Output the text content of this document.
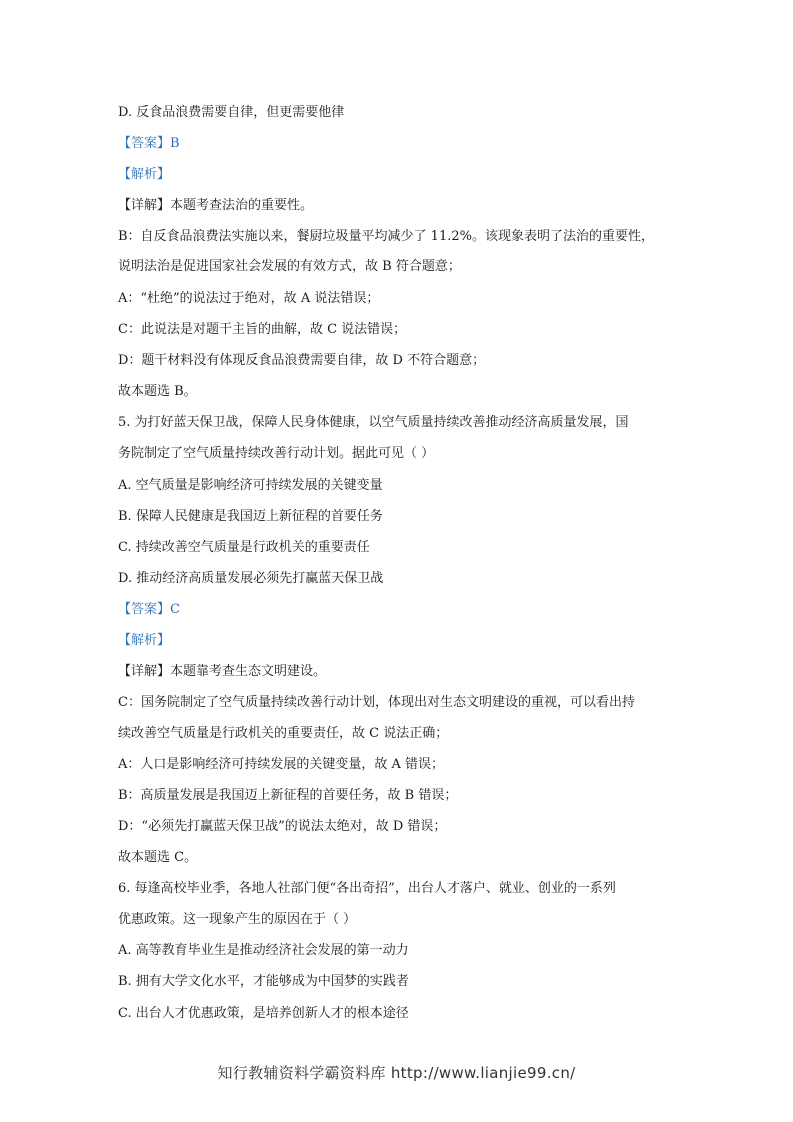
D. 反食品浪费需要自律，但更需要他律
【答案】B
【解析】
【详解】本题考查法治的重要性。
B：自反食品浪费法实施以来，餐厨垃圾量平均减少了 11.2%。该现象表明了法治的重要性，
说明法治是促进国家社会发展的有效方式，故 B 符合题意；
A：“杜绝”的说法过于绝对，故 A 说法错误；
C：此说法是对题干主旨的曲解，故 C 说法错误；
D：题干材料没有体现反食品浪费需要自律，故 D 不符合题意；
故本题选 B。
5. 为打好蓝天保卫战，保障人民身体健康，以空气质量持续改善推动经济高质量发展，国
务院制定了空气质量持续改善行动计划。据此可见（ ）
A. 空气质量是影响经济可持续发展的关键变量
B. 保障人民健康是我国迈上新征程的首要任务
C. 持续改善空气质量是行政机关的重要责任
D. 推动经济高质量发展必须先打赢蓝天保卫战
【答案】C
【解析】
【详解】本题靠考查生态文明建设。
C：国务院制定了空气质量持续改善行动计划，体现出对生态文明建设的重视，可以看出持
续改善空气质量是行政机关的重要责任，故 C 说法正确；
A：人口是影响经济可持续发展的关键变量，故 A 错误；
B：高质量发展是我国迈上新征程的首要任务，故 B 错误；
D：“必须先打赢蓝天保卫战”的说法太绝对，故 D 错误；
故本题选 C。
6. 每逢高校毕业季，各地人社部门便“各出奇招”，出台人才落户、就业、创业的一系列
优惠政策。这一现象产生的原因在于（ ）
A. 高等教育毕业生是推动经济社会发展的第一动力
B. 拥有大学文化水平，才能够成为中国梦的实践者
C. 出台人才优惠政策，是培养创新人才的根本途径
知行教辅资料学霸资料库 http://www.lianjie99.cn/
